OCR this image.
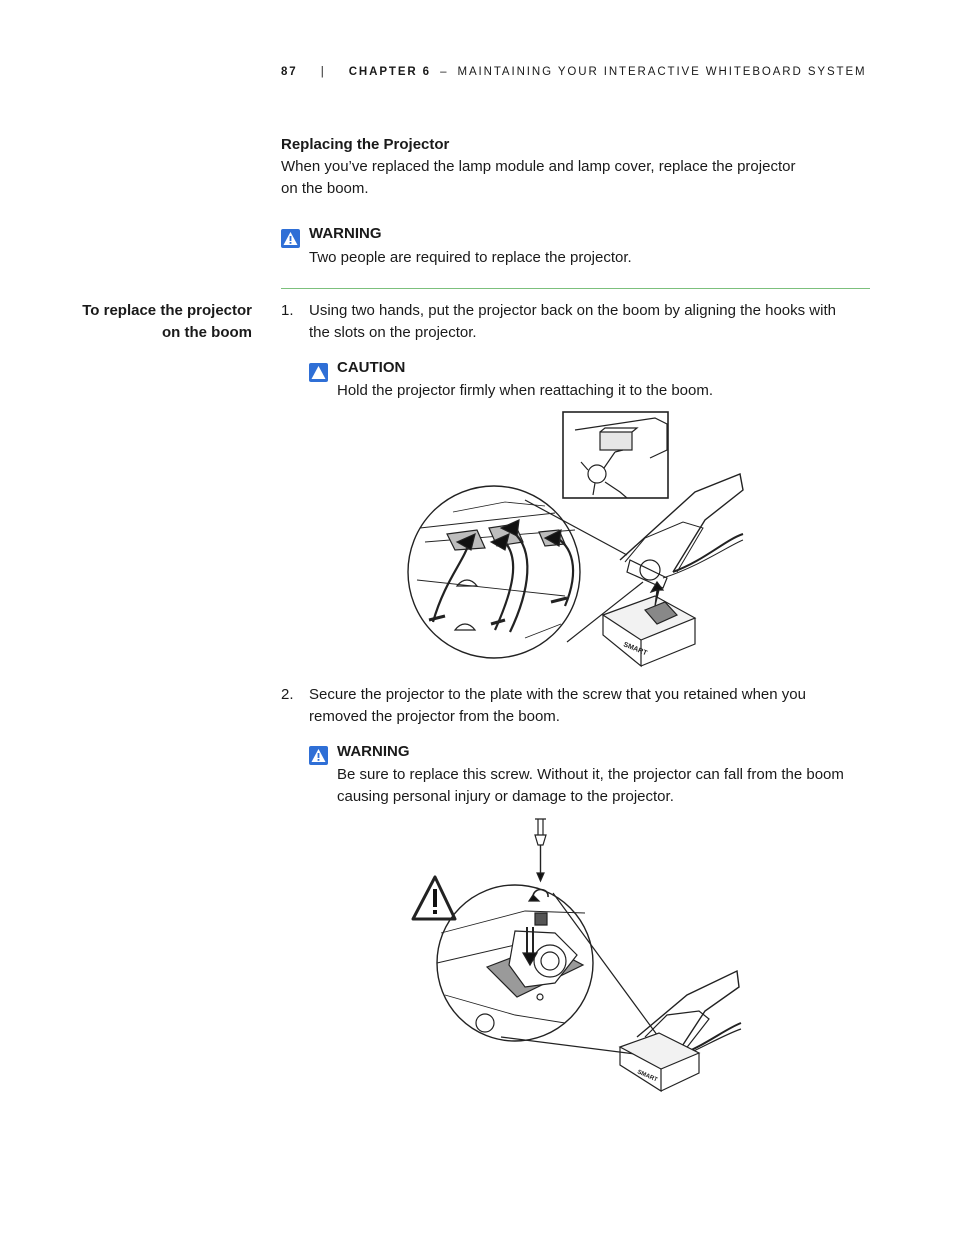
87 | CHAPTER 6 – MAINTAINING YOUR INTERACTIVE WHITEBOARD SYSTEM
Replacing the Projector
When you’ve replaced the lamp module and lamp cover, replace the projector
on the boom.
WARNING
Two people are required to replace the projector.
To replace the projector
on the boom
1. Using two hands, put the projector back on the boom by aligning the hooks with
the slots on the projector.
CAUTION
Hold the projector firmly when reattaching it to the boom.
SMART
2. Secure the projector to the plate with the screw that you retained when you
removed the projector from the boom.
WARNING
Be sure to replace this screw. Without it, the projector can fall from the boom
causing personal injury or damage to the projector.
SMART
